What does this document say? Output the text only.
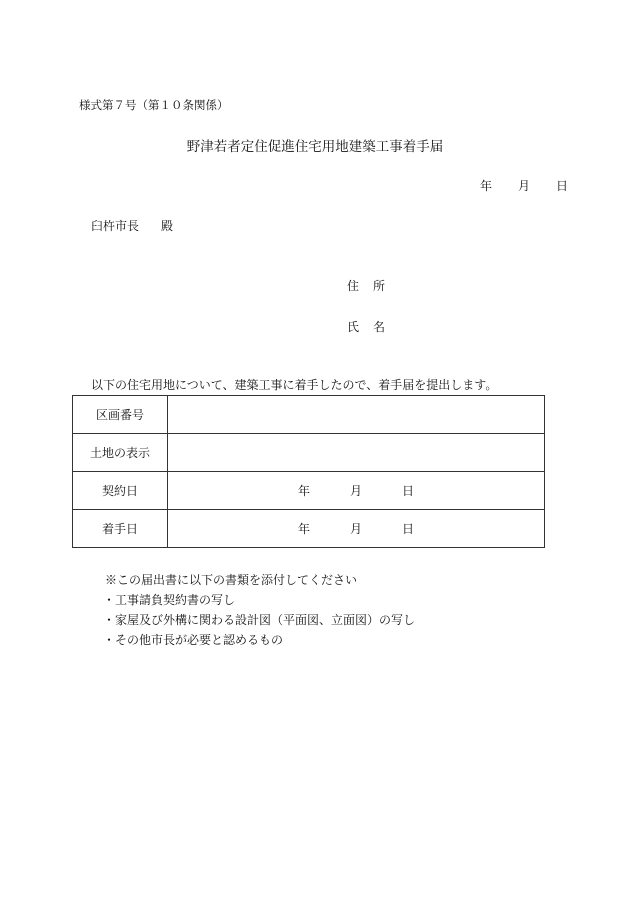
様式第７号（第１０条関係）
野津若者定住促進住宅用地建築工事着手届
年 月 日
臼杵市長 殿
住 所
氏 名
以下の住宅用地について、建築工事に着手したので、着手届を提出します。
区画番号	
土地の表示	
契約日	年 月 日
着手日	年 月 日
※この届出書に以下の書類を添付してください
・工事請負契約書の写し
・家屋及び外構に関わる設計図（平面図、立面図）の写し
・その他市長が必要と認めるもの
